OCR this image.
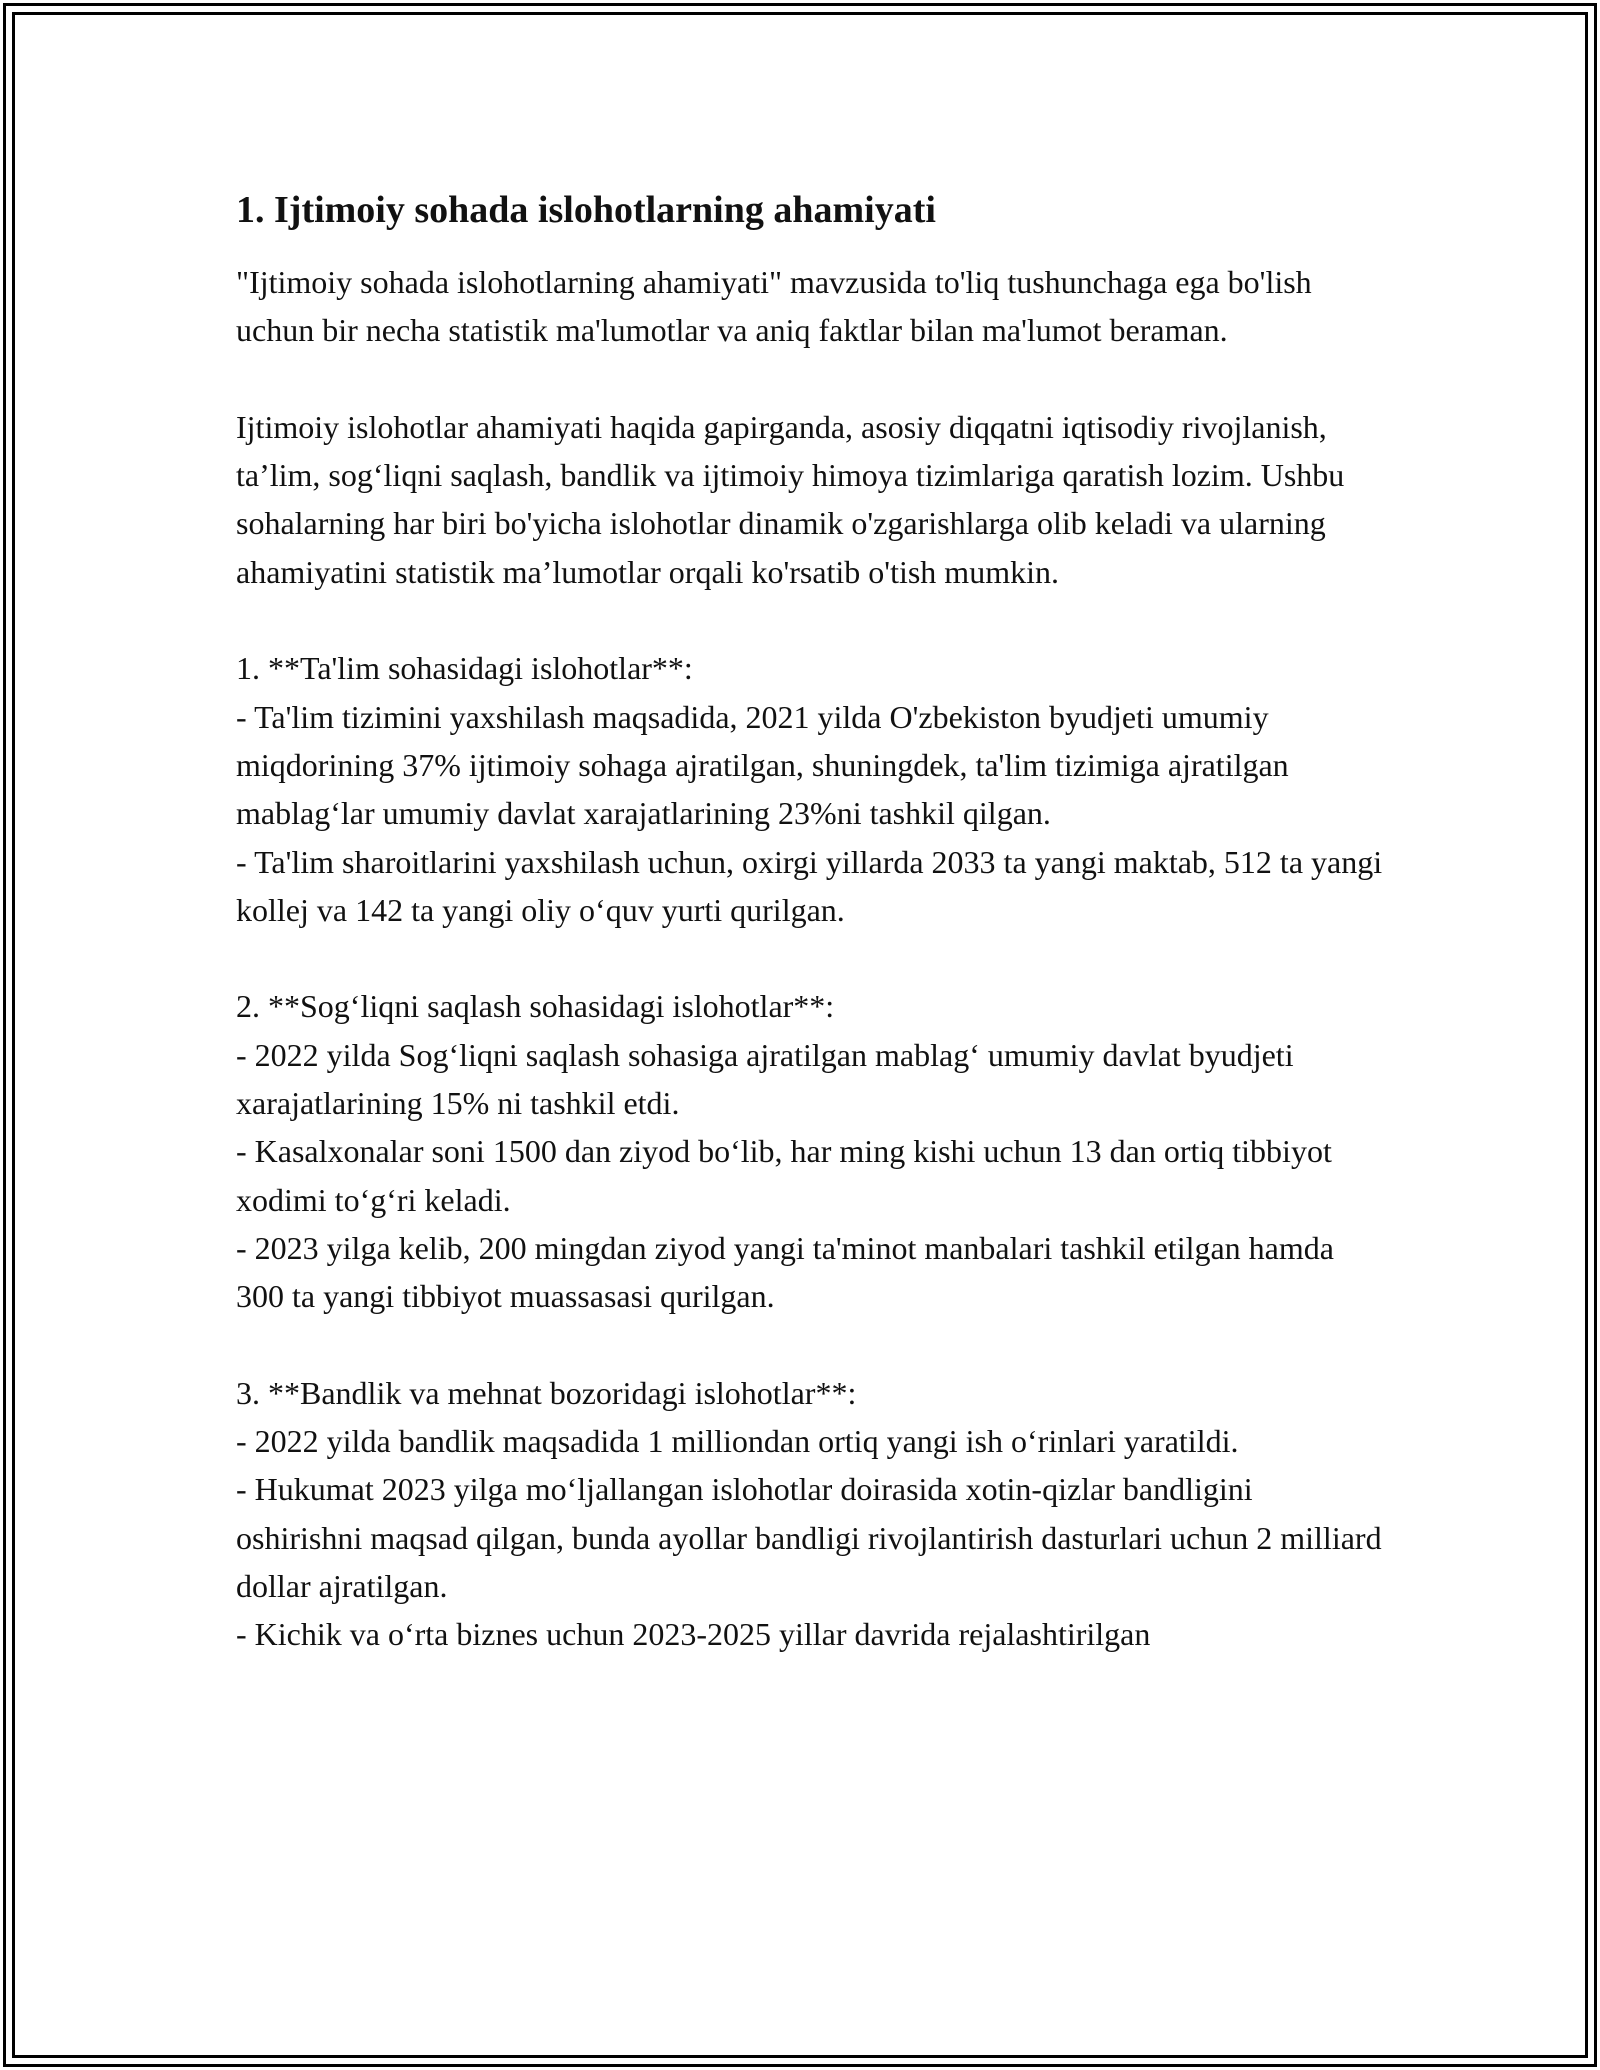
1. Ijtimoiy sohada islohotlarning ahamiyati

"Ijtimoiy sohada islohotlarning ahamiyati" mavzusida to'liq tushunchaga ega bo'lish uchun bir necha statistik ma'lumotlar va aniq faktlar bilan ma'lumot beraman.

Ijtimoiy islohotlar ahamiyati haqida gapirganda, asosiy diqqatni iqtisodiy rivojlanish, ta’lim, sog‘liqni saqlash, bandlik va ijtimoiy himoya tizimlariga qaratish lozim. Ushbu sohalarning har biri bo'yicha islohotlar dinamik o'zgarishlarga olib keladi va ularning ahamiyatini statistik ma’lumotlar orqali ko'rsatib o'tish mumkin.

1. **Ta'lim sohasidagi islohotlar**:

- Ta'lim tizimini yaxshilash maqsadida, 2021 yilda O'zbekiston byudjeti umumiy miqdorining 37% ijtimoiy sohaga ajratilgan, shuningdek, ta'lim tizimiga ajratilgan mablag‘lar umumiy davlat xarajatlarining 23%ni tashkil qilgan.

- Ta'lim sharoitlarini yaxshilash uchun, oxirgi yillarda 2033 ta yangi maktab, 512 ta yangi kollej va 142 ta yangi oliy o‘quv yurti qurilgan.

2. **Sog‘liqni saqlash sohasidagi islohotlar**:

- 2022 yilda Sog‘liqni saqlash sohasiga ajratilgan mablag‘ umumiy davlat byudjeti xarajatlarining 15% ni tashkil etdi.

- Kasalxonalar soni 1500 dan ziyod bo‘lib, har ming kishi uchun 13 dan ortiq tibbiyot xodimi to‘g‘ri keladi.

- 2023 yilga kelib, 200 mingdan ziyod yangi ta'minot manbalari tashkil etilgan hamda 300 ta yangi tibbiyot muassasasi qurilgan.

3. **Bandlik va mehnat bozoridagi islohotlar**:

- 2022 yilda bandlik maqsadida 1 milliondan ortiq yangi ish o‘rinlari yaratildi.

- Hukumat 2023 yilga mo‘ljallangan islohotlar doirasida xotin-qizlar bandligini oshirishni maqsad qilgan, bunda ayollar bandligi rivojlantirish dasturlari uchun 2 milliard dollar ajratilgan.

- Kichik va o‘rta biznes uchun 2023-2025 yillar davrida rejalashtirilgan
